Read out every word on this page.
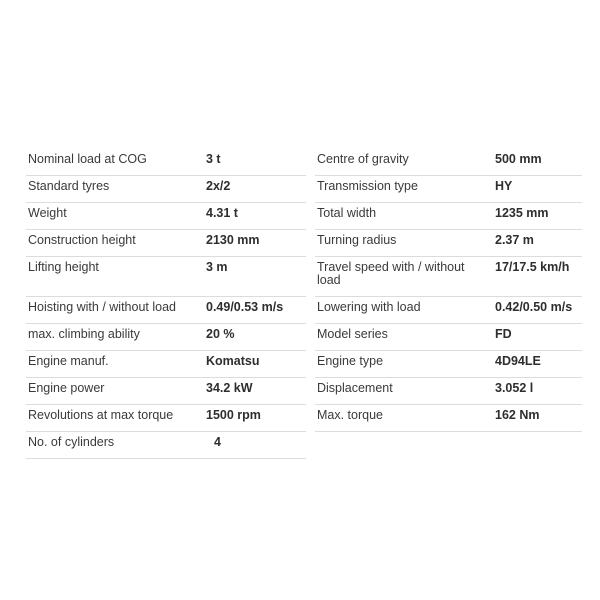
Nominal load at COG	3 t
Standard tyres	2x/2
Weight	4.31 t
Construction height	2130 mm
Lifting height	3 m
Hoisting with / without load	0.49/0.53 m/s
max. climbing ability	20 %
Engine manuf.	Komatsu
Engine power	34.2 kW
Revolutions at max torque	1500 rpm
No. of cylinders	4
Centre of gravity	500 mm
Transmission type	HY
Total width	1235 mm
Turning radius	2.37 m
Travel speed with / without load	17/17.5 km/h
Lowering with load	0.42/0.50 m/s
Model series	FD
Engine type	4D94LE
Displacement	3.052 l
Max. torque	162 Nm
